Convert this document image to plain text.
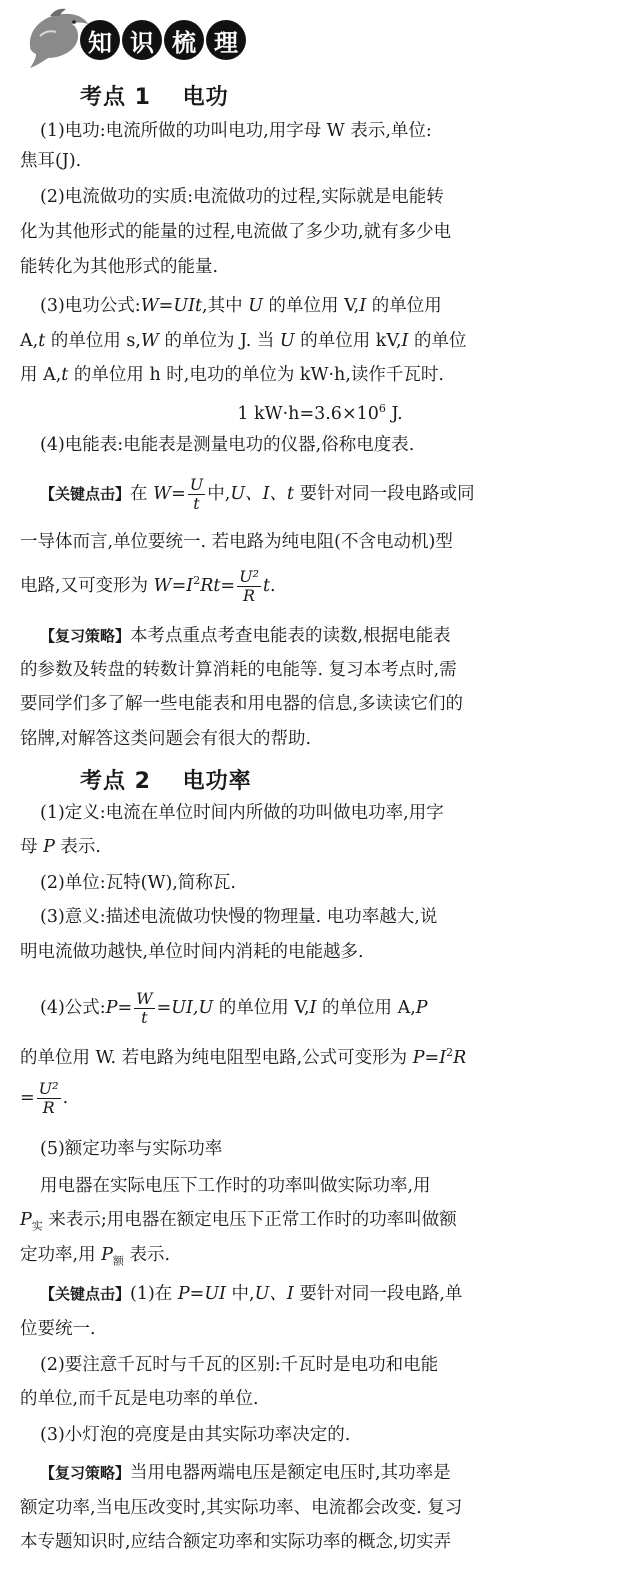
知 识 梳 理
考点 1　 电功
(1)电功:电流所做的功叫电功,用字母 W 表示,单位:
焦耳(J).
(2)电流做功的实质:电流做功的过程,实际就是电能转
化为其他形式的能量的过程,电流做了多少功,就有多少电
能转化为其他形式的能量.
(3)电功公式:W=UIt,其中 U 的单位用 V,I 的单位用
A,t 的单位用 s,W 的单位为 J. 当 U 的单位用 kV,I 的单位
用 A,t 的单位用 h 时,电功的单位为 kW·h,读作千瓦时.
1 $kW\cdot h=3.6\times 10^6$ J.
(4)电能表:电能表是测量电功的仪器,俗称电度表.
【关键点击】在 $W= \frac{U}{t}$ 中,U、I、t 要针对同一段电路或同
一导体而言,单位要统一. 若电路为纯电阻(不含电动机)型
电路,又可变形为 $W=I^2Rt= \frac{\text{U²}}{R} t$.
【复习策略】本考点重点考查电能表的读数,根据电能表
的参数及转盘的转数计算消耗的电能等. 复习本考点时,需
要同学们多了解一些电能表和用电器的信息,多读读它们的
铭牌,对解答这类问题会有很大的帮助.
考点 2　 电功率
(1)定义:电流在单位时间内所做的功叫做电功率,用字
母 P 表示.
(2)单位:瓦特(W),简称瓦.
(3)意义:描述电流做功快慢的物理量. 电功率越大,说
明电流做功越快,单位时间内消耗的电能越多.
(4)公式:P= $\frac{W}{t} =UI,U$ 的单位用 V,I 的单位用 A,P
的单位用 W. 若电路为纯电阻型电路,公式可变形为 $P=I^2R$
= $\frac{\text{U²}}{R}$ .
(5)额定功率与实际功率
用电器在实际电压下工作时的功率叫做实际功率,用
$P_实$ 来表示;用电器在额定电压下正常工作时的功率叫做额
定功率,用 $P_额$ 表示.
【关键点击】(1)在 P=UI 中,U、I 要针对同一段电路,单
位要统一.
(2)要注意千瓦时与千瓦的区别:千瓦时是电功和电能
的单位,而千瓦是电功率的单位.
(3)小灯泡的亮度是由其实际功率决定的.
【复习策略】当用电器两端电压是额定电压时,其功率是
额定功率,当电压改变时,其实际功率、电流都会改变. 复习
本专题知识时,应结合额定功率和实际功率的概念,切实弄
